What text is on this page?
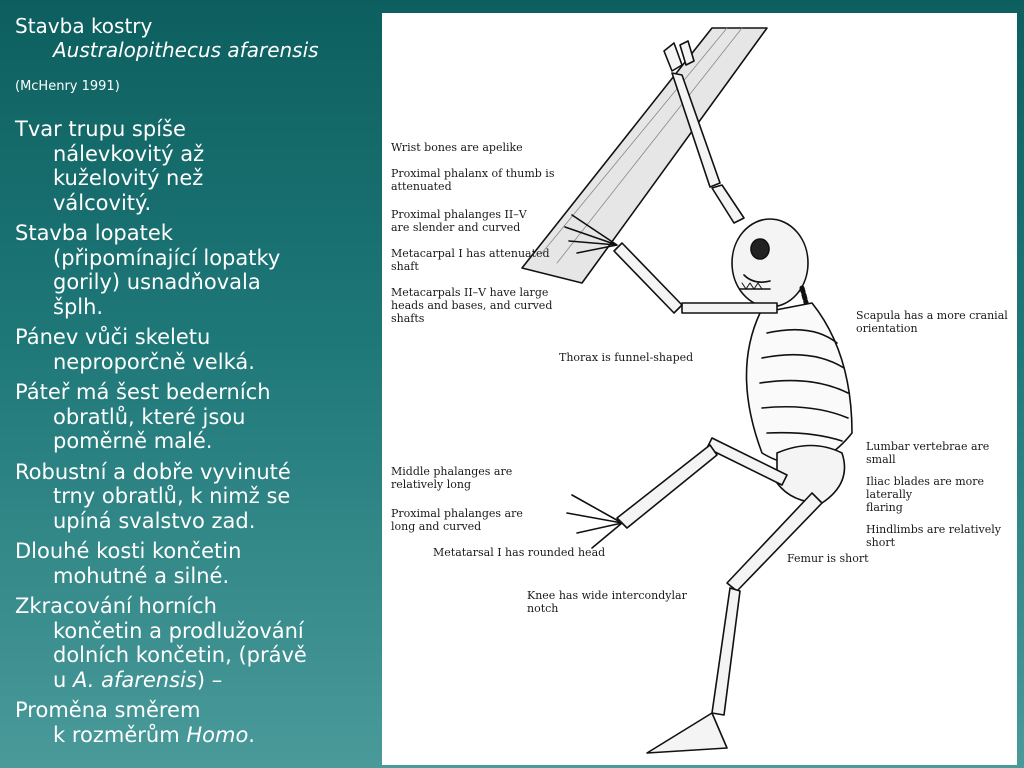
Stavba kostry
Australopithecus afarensis
(McHenry 1991)
Tvar trupu spíše
nálevkovitý až
kuželovitý než
válcovitý.
Stavba lopatek
(připomínající lopatky
gorily) usnadňovala
šplh.
Pánev vůči skeletu
neproporčně velká.
Páteř má šest bederních
obratlů, které jsou
poměrně malé.
Robustní a dobře vyvinuté
trny obratlů, k nimž se
upíná svalstvo zad.
Dlouhé kosti končetin
mohutné a silné.
Zkracování horních
končetin a prodlužování
dolních končetin, (právě
u A. afarensis) –
Proměna směrem
k rozměrům Homo.
Wrist bones are apelike
Proximal phalanx of thumb is
attenuated
Proximal phalanges II–V
are slender and curved
Metacarpal I has attenuated
shaft
Metacarpals II–V have large
heads and bases, and curved
shafts	Scapula has a more cranial
orientation
Thorax is funnel-shaped
Lumbar vertebrae are small
Iliac blades are more laterally
flaring
Middle phalanges are
relatively long
Proximal phalanges are
long and curved	Hindlimbs are relatively short
Metatarsal I has rounded head	Femur is short
Knee has wide intercondylar
notch
